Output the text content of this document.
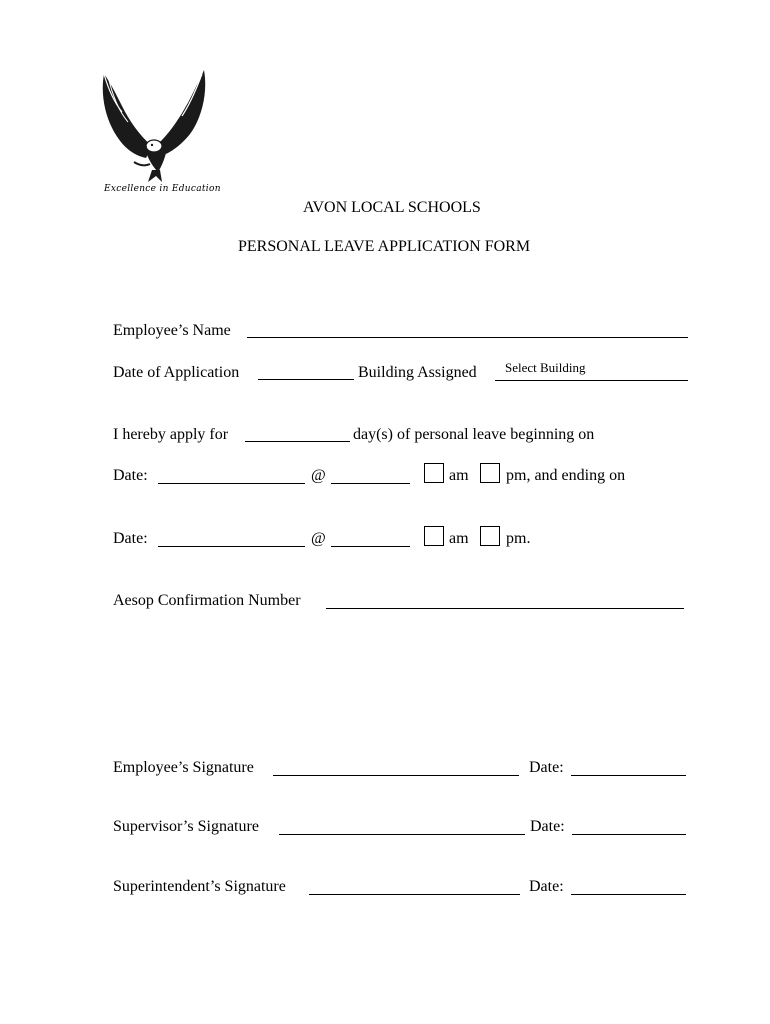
Excellence in Education
AVON LOCAL SCHOOLS
PERSONAL LEAVE APPLICATION FORM
Employee’s Name
Date of Application	Building Assigned Select Building
I hereby apply for	day(s) of personal leave beginning on
Date:	@	am pm, and ending on
Date:	@	am pm.
Aesop Confirmation Number
Employee’s Signature	Date:
Supervisor’s Signature	Date:
Superintendent’s Signature	Date:
